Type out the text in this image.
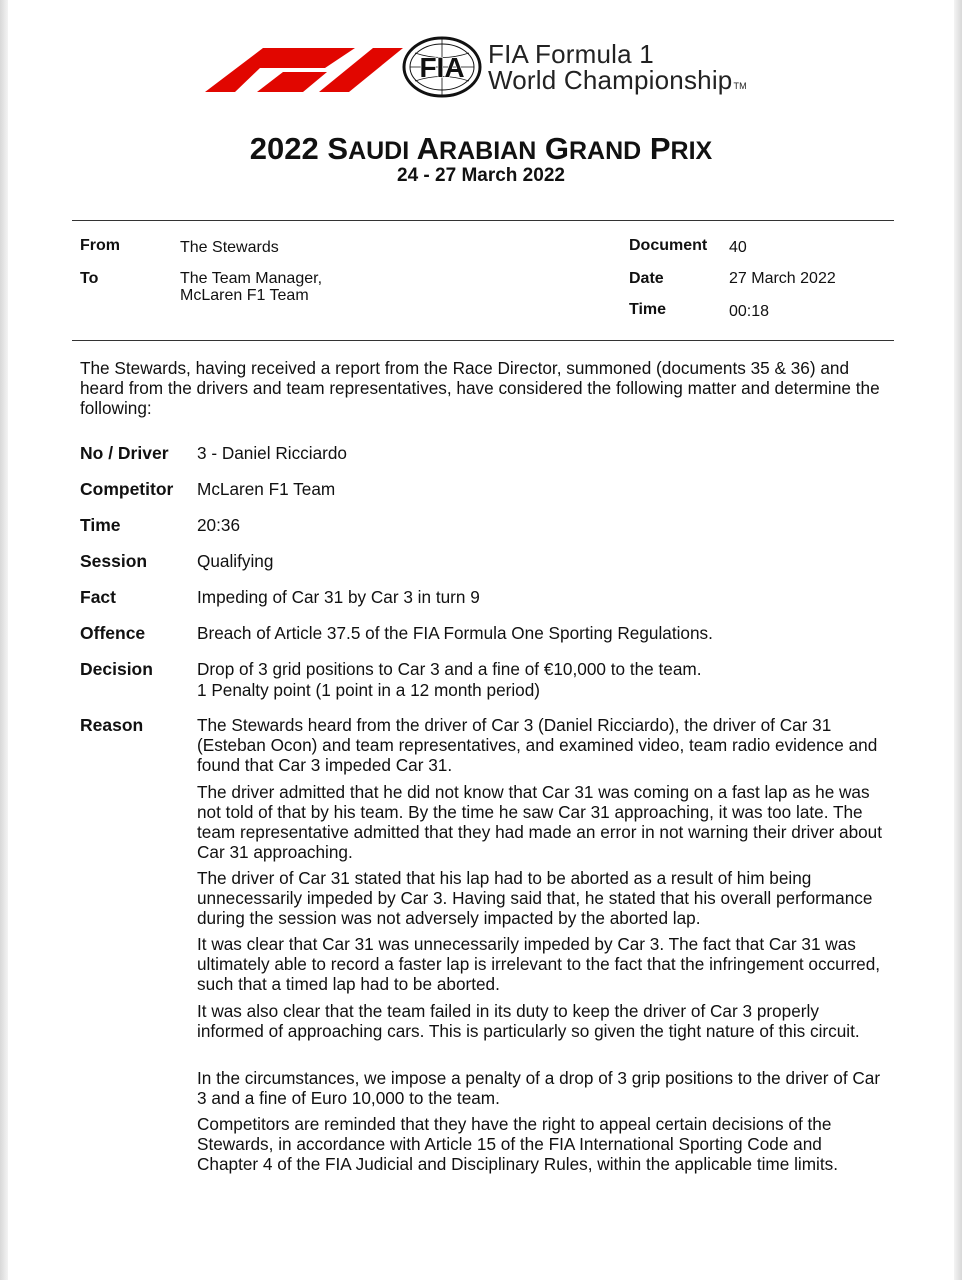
FIA FIA Formula 1
World ChampionshipTM
2022 SAUDI ARABIAN GRAND PRIX
24 - 27 March 2022
From	The Stewards
To	The Team Manager,
McLaren F1 Team
Document 40
Date	27 March 2022
Time	00:18
The Stewards, having received a report from the Race Director, summoned (documents 35 & 36) and heard from the drivers and team representatives, have considered the following matter and determine the following:
No / Driver	3 - Daniel Ricciardo
Competitor	McLaren F1 Team
Time	20:36
Session	Qualifying
Fact	Impeding of Car 31 by Car 3 in turn 9
Offence	Breach of Article 37.5 of the FIA Formula One Sporting Regulations.
Decision	Drop of 3 grid positions to Car 3 and a fine of €10,000 to the team.
1 Penalty point (1 point in a 12 month period)
Reason	The Stewards heard from the driver of Car 3 (Daniel Ricciardo), the driver of Car 31 (Esteban Ocon) and team representatives, and examined video, team radio evidence and found that Car 3 impeded Car 31.

The driver admitted that he did not know that Car 31 was coming on a fast lap as he was not told of that by his team. By the time he saw Car 31 approaching, it was too late. The team representative admitted that they had made an error in not warning their driver about Car 31 approaching.

The driver of Car 31 stated that his lap had to be aborted as a result of him being unnecessarily impeded by Car 3. Having said that, he stated that his overall performance during the session was not adversely impacted by the aborted lap.

It was clear that Car 31 was unnecessarily impeded by Car 3. The fact that Car 31 was ultimately able to record a faster lap is irrelevant to the fact that the infringement occurred, such that a timed lap had to be aborted.

It was also clear that the team failed in its duty to keep the driver of Car 3 properly informed of approaching cars. This is particularly so given the tight nature of this circuit.

In the circumstances, we impose a penalty of a drop of 3 grip positions to the driver of Car 3 and a fine of Euro 10,000 to the team.

Competitors are reminded that they have the right to appeal certain decisions of the Stewards, in accordance with Article 15 of the FIA International Sporting Code and Chapter 4 of the FIA Judicial and Disciplinary Rules, within the applicable time limits.
